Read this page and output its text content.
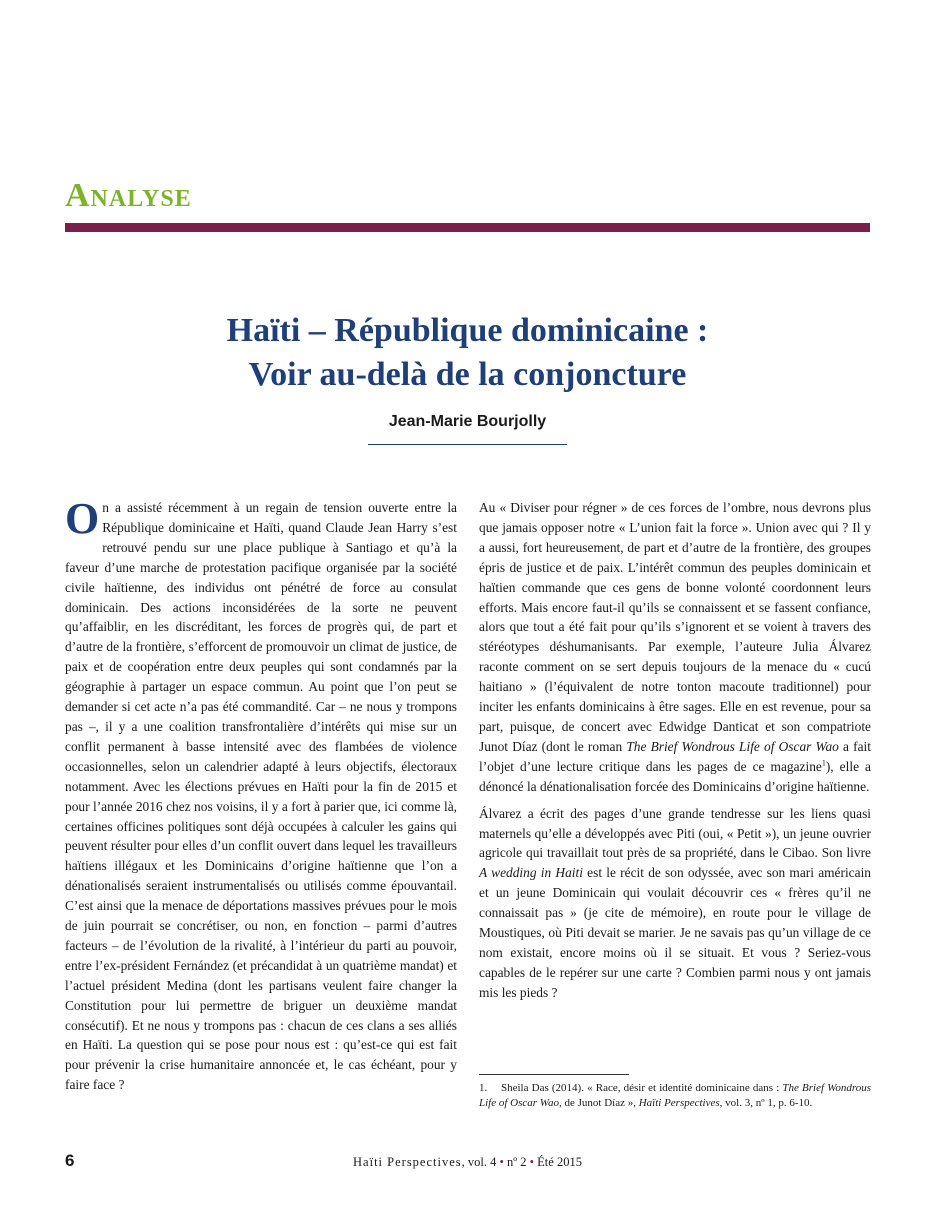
Analyse
Haïti – République dominicaine :
Voir au-delà de la conjoncture

Jean-Marie Bourjolly

On a assisté récemment à un regain de tension ouverte entre la République dominicaine et Haïti, quand Claude Jean Harry s’est retrouvé pendu sur une place publique à Santiago et qu’à la faveur d’une marche de protestation pacifique organisée par la société civile haïtienne, des individus ont pénétré de force au consulat dominicain. Des actions inconsidérées de la sorte ne peuvent qu’affaiblir, en les discréditant, les forces de progrès qui, de part et d’autre de la frontière, s’efforcent de promouvoir un climat de justice, de paix et de coopération entre deux peuples qui sont condamnés par la géographie à partager un espace commun. Au point que l’on peut se demander si cet acte n’a pas été commandité. Car – ne nous y trompons pas –, il y a une coalition transfrontalière d’intérêts qui mise sur un conflit permanent à basse intensité avec des flambées de violence occasionnelles, selon un calendrier adapté à leurs objectifs, électoraux notamment. Avec les élections prévues en Haïti pour la fin de 2015 et pour l’année 2016 chez nos voisins, il y a fort à parier que, ici comme là, certaines officines politiques sont déjà occupées à calculer les gains qui peuvent résulter pour elles d’un conflit ouvert dans lequel les travailleurs haïtiens illégaux et les Dominicains d’origine haïtienne que l’on a dénationalisés seraient instrumentalisés ou utilisés comme épouvantail. C’est ainsi que la menace de déportations massives prévues pour le mois de juin pourrait se concrétiser, ou non, en fonction – parmi d’autres facteurs – de l’évolution de la rivalité, à l’intérieur du parti au pouvoir, entre l’ex-président Fernández (et précandidat à un quatrième mandat) et l’actuel président Medina (dont les partisans veulent faire changer la Constitution pour lui permettre de briguer un deuxième mandat consécutif). Et ne nous y trompons pas : chacun de ces clans a ses alliés en Haïti. La question qui se pose pour nous est : qu’est-ce qui est fait pour prévenir la crise humanitaire annoncée et, le cas échéant, pour y faire face ?

Au « Diviser pour régner » de ces forces de l’ombre, nous devrons plus que jamais opposer notre « L’union fait la force ». Union avec qui ? Il y a aussi, fort heureusement, de part et d’autre de la frontière, des groupes épris de justice et de paix. L’intérêt commun des peuples dominicain et haïtien commande que ces gens de bonne volonté coordonnent leurs efforts. Mais encore faut-il qu’ils se connaissent et se fassent confiance, alors que tout a été fait pour qu’ils s’ignorent et se voient à travers des stéréotypes déshumanisants. Par exemple, l’auteure Julia Álvarez raconte comment on se sert depuis toujours de la menace du « cucú haitiano » (l’équivalent de notre tonton macoute traditionnel) pour inciter les enfants dominicains à être sages. Elle en est revenue, pour sa part, puisque, de concert avec Edwidge Danticat et son compatriote Junot Díaz (dont le roman The Brief Wondrous Life of Oscar Wao a fait l’objet d’une lecture critique dans les pages de ce magazine$^1$), elle a dénoncé la dénationalisation forcée des Dominicains d’origine haïtienne.

Álvarez a écrit des pages d’une grande tendresse sur les liens quasi maternels qu’elle a développés avec Piti (oui, « Petit »), un jeune ouvrier agricole qui travaillait tout près de sa propriété, dans le Cibao. Son livre A wedding in Haiti est le récit de son odyssée, avec son mari américain et un jeune Dominicain qui voulait découvrir ces « frères qu’il ne connaissait pas » (je cite de mémoire), en route pour le village de Moustiques, où Piti devait se marier. Je ne savais pas qu’un village de ce nom existait, encore moins où il se situait. Et vous ? Seriez-vous capables de le repérer sur une carte ? Combien parmi nous y ont jamais mis les pieds ?

1. Sheila Das (2014). « Race, désir et identité dominicaine dans : The Brief Wondrous Life of Oscar Wao, de Junot Díaz », Haïti Perspectives, vol. 3, nº 1, p. 6-10.

6	Haïti Perspectives, vol. 4 • nº 2 • Été 2015
